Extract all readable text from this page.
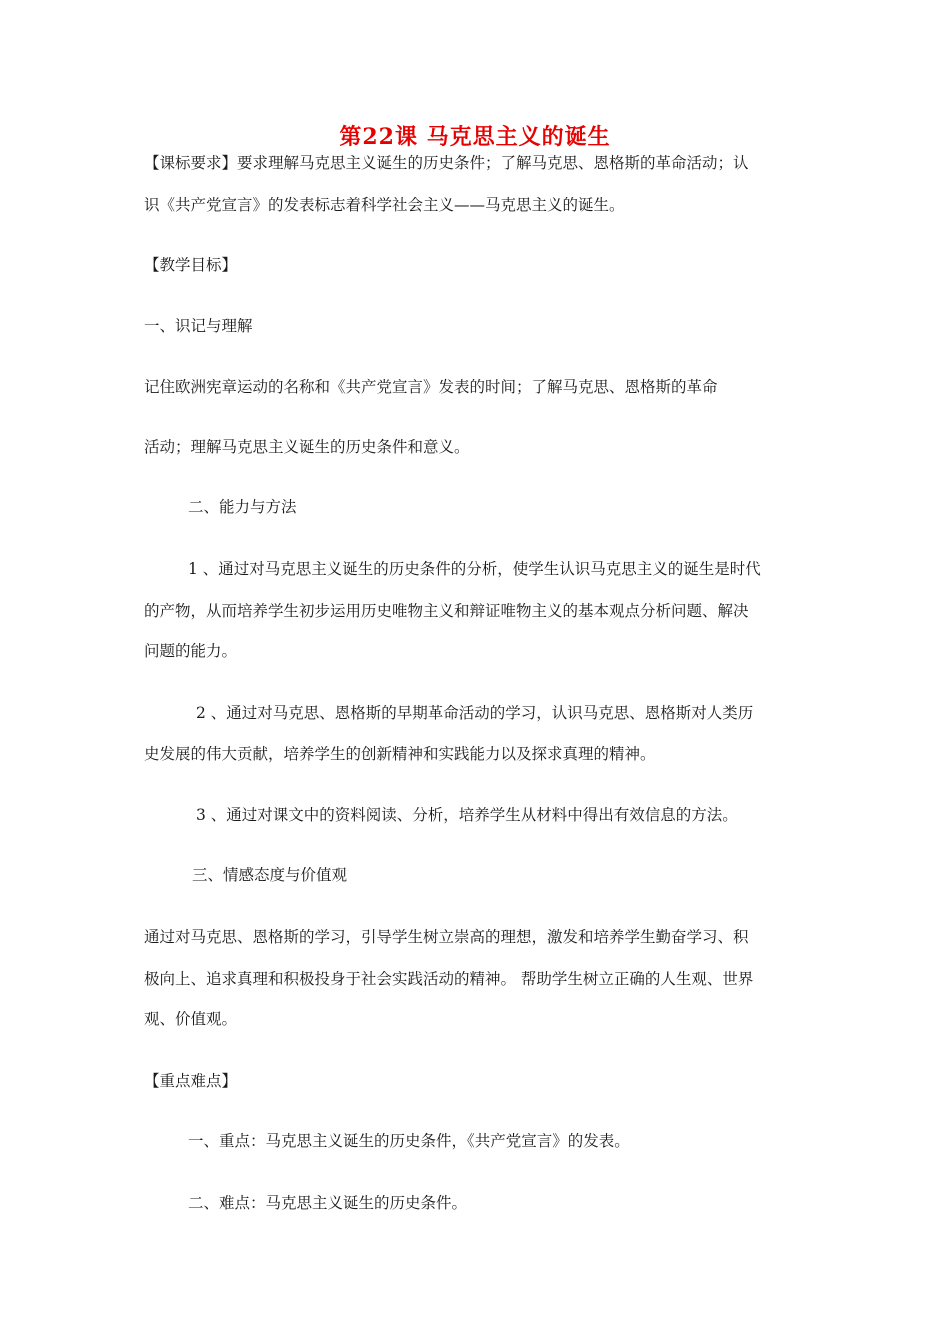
第22课 马克思主义的诞生
【课标要求】要求理解马克思主义诞生的历史条件；了解马克思、恩格斯的革命活动；认
识《共产党宣言》的发表标志着科学社会主义——马克思主义的诞生。
【教学目标】
一、识记与理解
记住欧洲宪章运动的名称和《共产党宣言》发表的时间；了解马克思、恩格斯的革命
活动；理解马克思主义诞生的历史条件和意义。
二、能力与方法
1 、通过对马克思主义诞生的历史条件的分析，使学生认识马克思主义的诞生是时代
的产物，从而培养学生初步运用历史唯物主义和辩证唯物主义的基本观点分析问题、解决
问题的能力。
2 、通过对马克思、恩格斯的早期革命活动的学习，认识马克思、恩格斯对人类历
史发展的伟大贡献，培养学生的创新精神和实践能力以及探求真理的精神。
3 、通过对课文中的资料阅读、分析，培养学生从材料中得出有效信息的方法。
三、情感态度与价值观
通过对马克思、恩格斯的学习，引导学生树立崇高的理想，激发和培养学生勤奋学习、积
极向上、追求真理和积极投身于社会实践活动的精神。 帮助学生树立正确的人生观、世界
观、价值观。
【重点难点】
一、重点：马克思主义诞生的历史条件，《共产党宣言》的发表。
二、难点：马克思主义诞生的历史条件。
